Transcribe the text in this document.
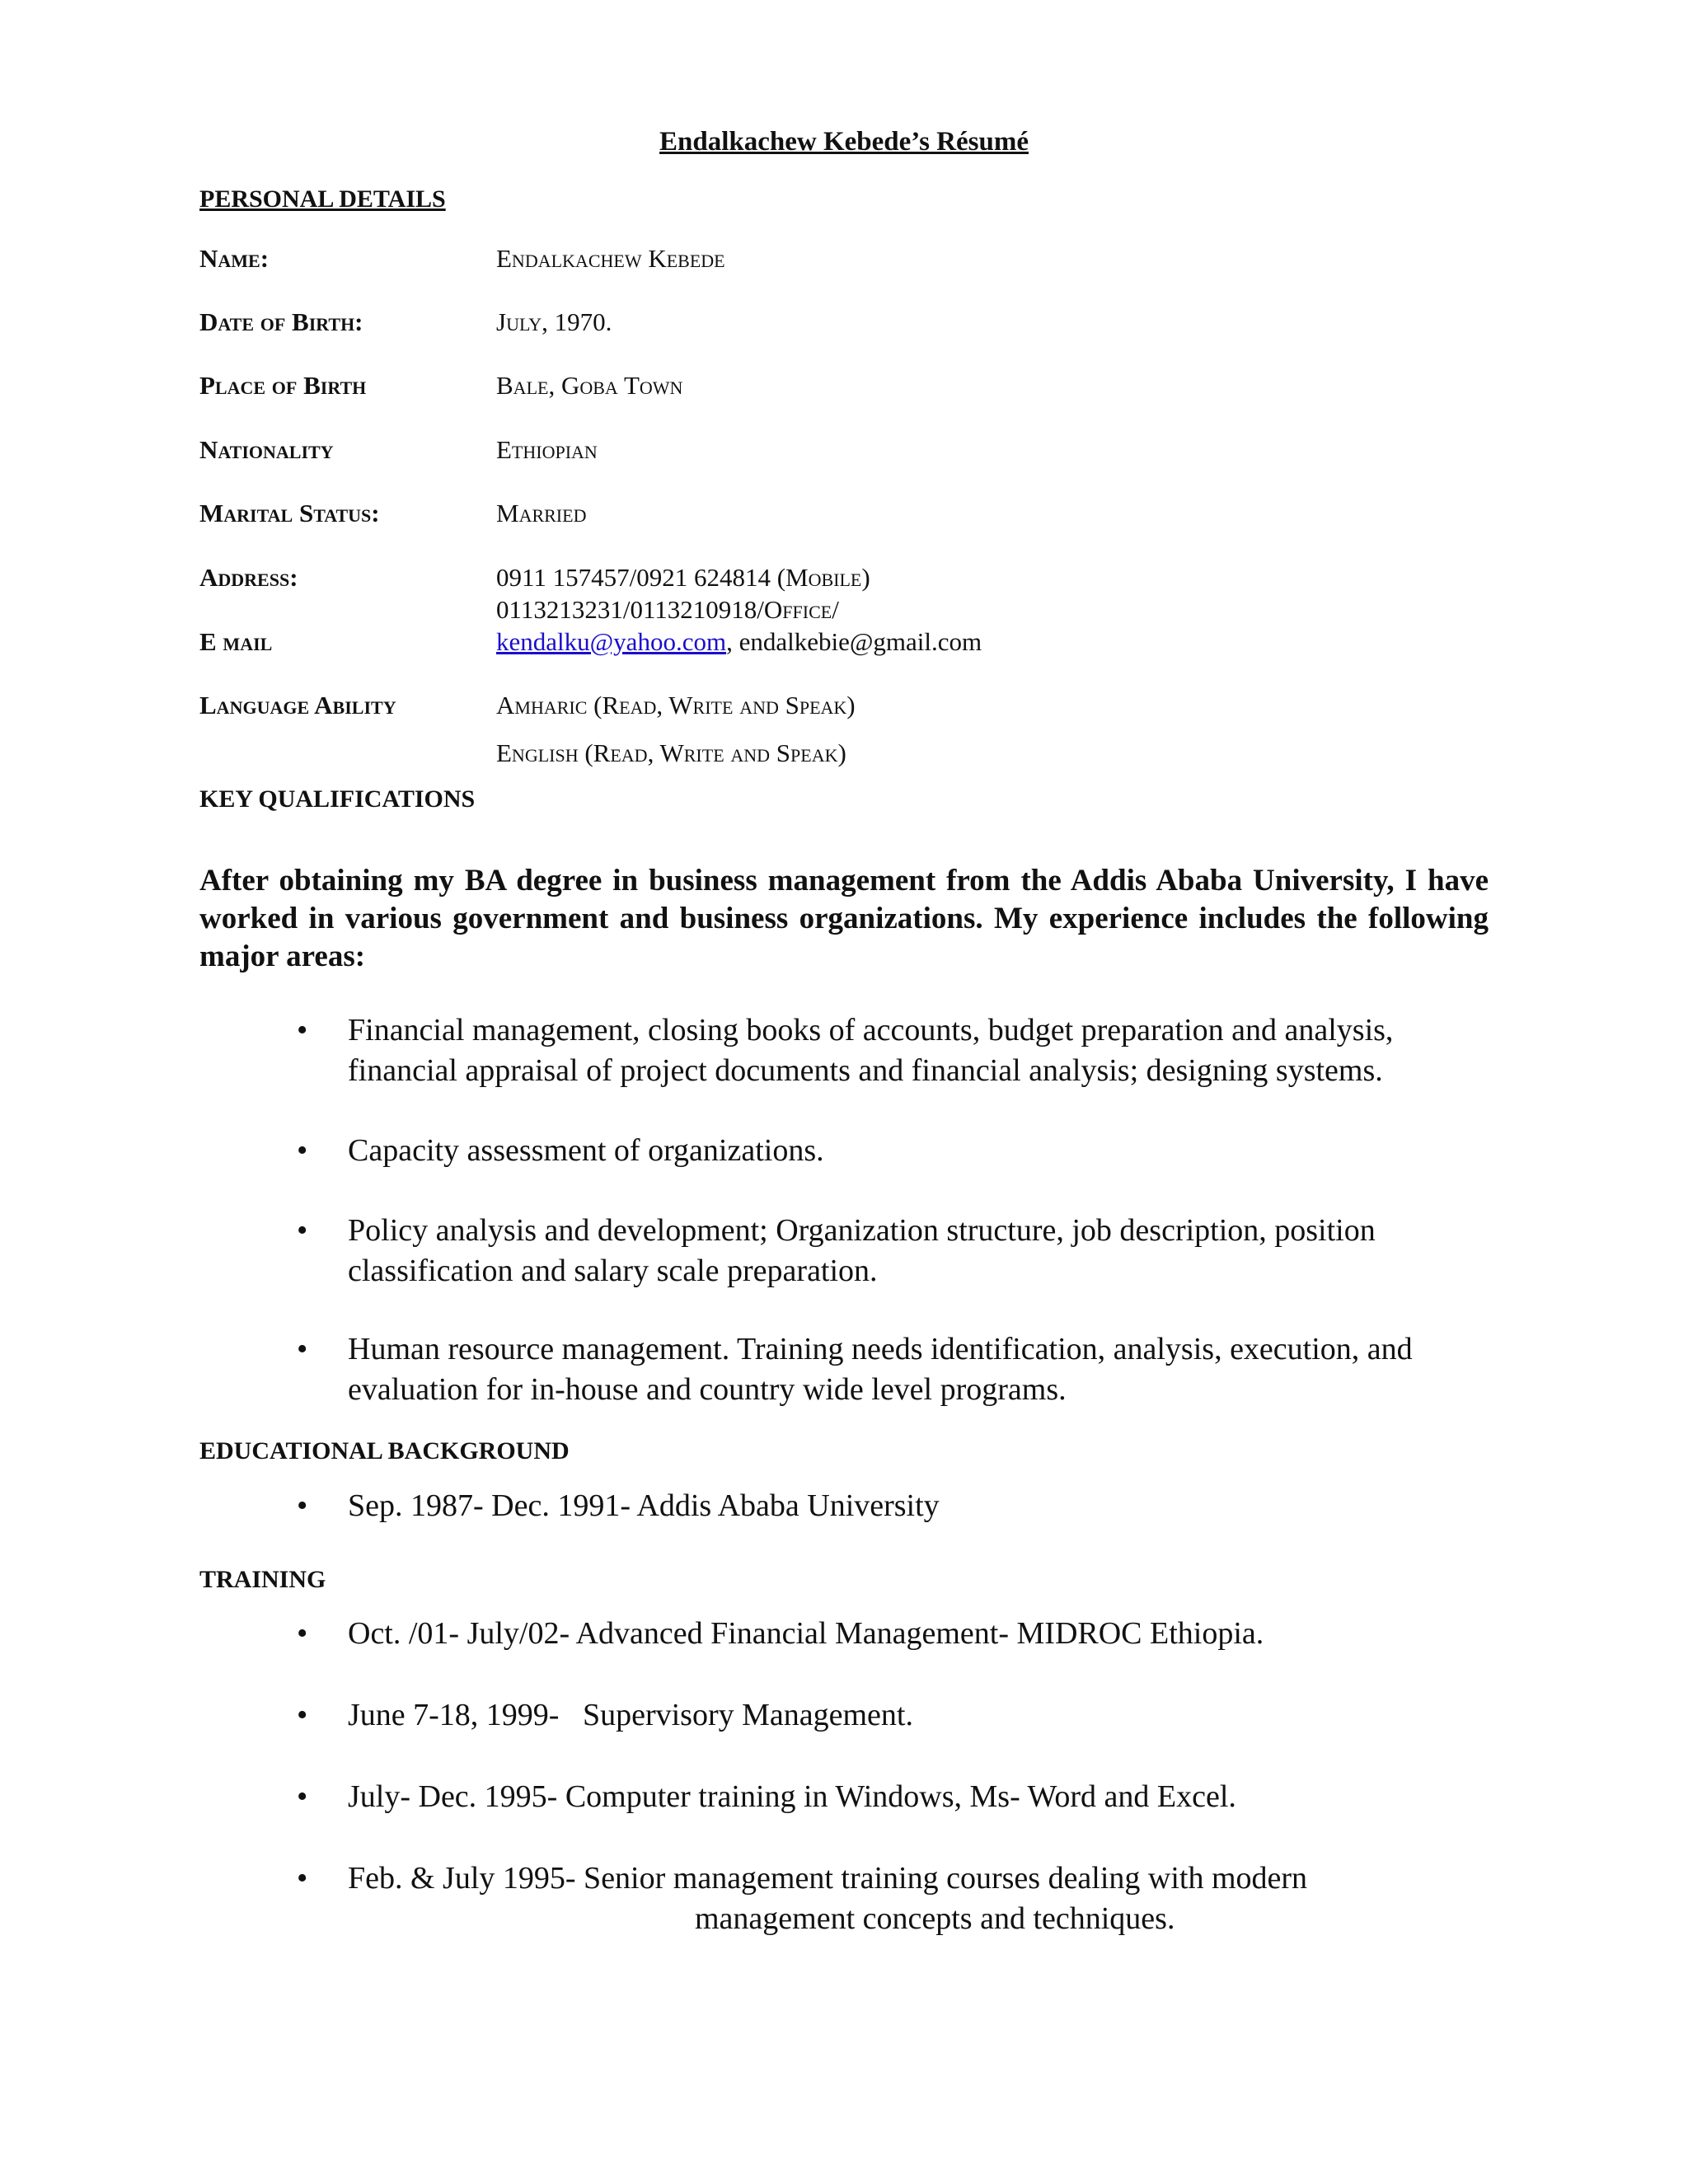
Endalkachew Kebede’s Résumé
PERSONAL DETAILS
Name:	Endalkachew Kebede
Date of Birth:	July, 1970.
Place of Birth	Bale, Goba Town
Nationality	Ethiopian
Marital Status:	Married
Address:	0911 157457/0921 624814 (Mobile)
0113213231/0113210918/Office/
E mail	kendalku@yahoo.com, endalkebie@gmail.com
Language Ability	Amharic (Read, Write and Speak)
English (Read, Write and Speak)
KEY QUALIFICATIONS
After obtaining my BA degree in business management from the Addis Ababa University, I have worked in various government and business organizations. My experience includes the following major areas:
• Financial management, closing books of accounts, budget preparation and analysis, financial appraisal of project documents and financial analysis; designing systems.
• Capacity assessment of organizations.
• Policy analysis and development; Organization structure, job description, position classification and salary scale preparation.
• Human resource management. Training needs identification, analysis, execution, and evaluation for in-house and country wide level programs.
EDUCATIONAL BACKGROUND
• Sep. 1987- Dec. 1991- Addis Ababa University
TRAINING
• Oct. /01- July/02- Advanced Financial Management- MIDROC Ethiopia.
• June 7-18, 1999-   Supervisory Management.
• July- Dec. 1995- Computer training in Windows, Ms- Word and Excel.
• Feb. & July 1995- Senior management training courses dealing with modern
management concepts and techniques.
